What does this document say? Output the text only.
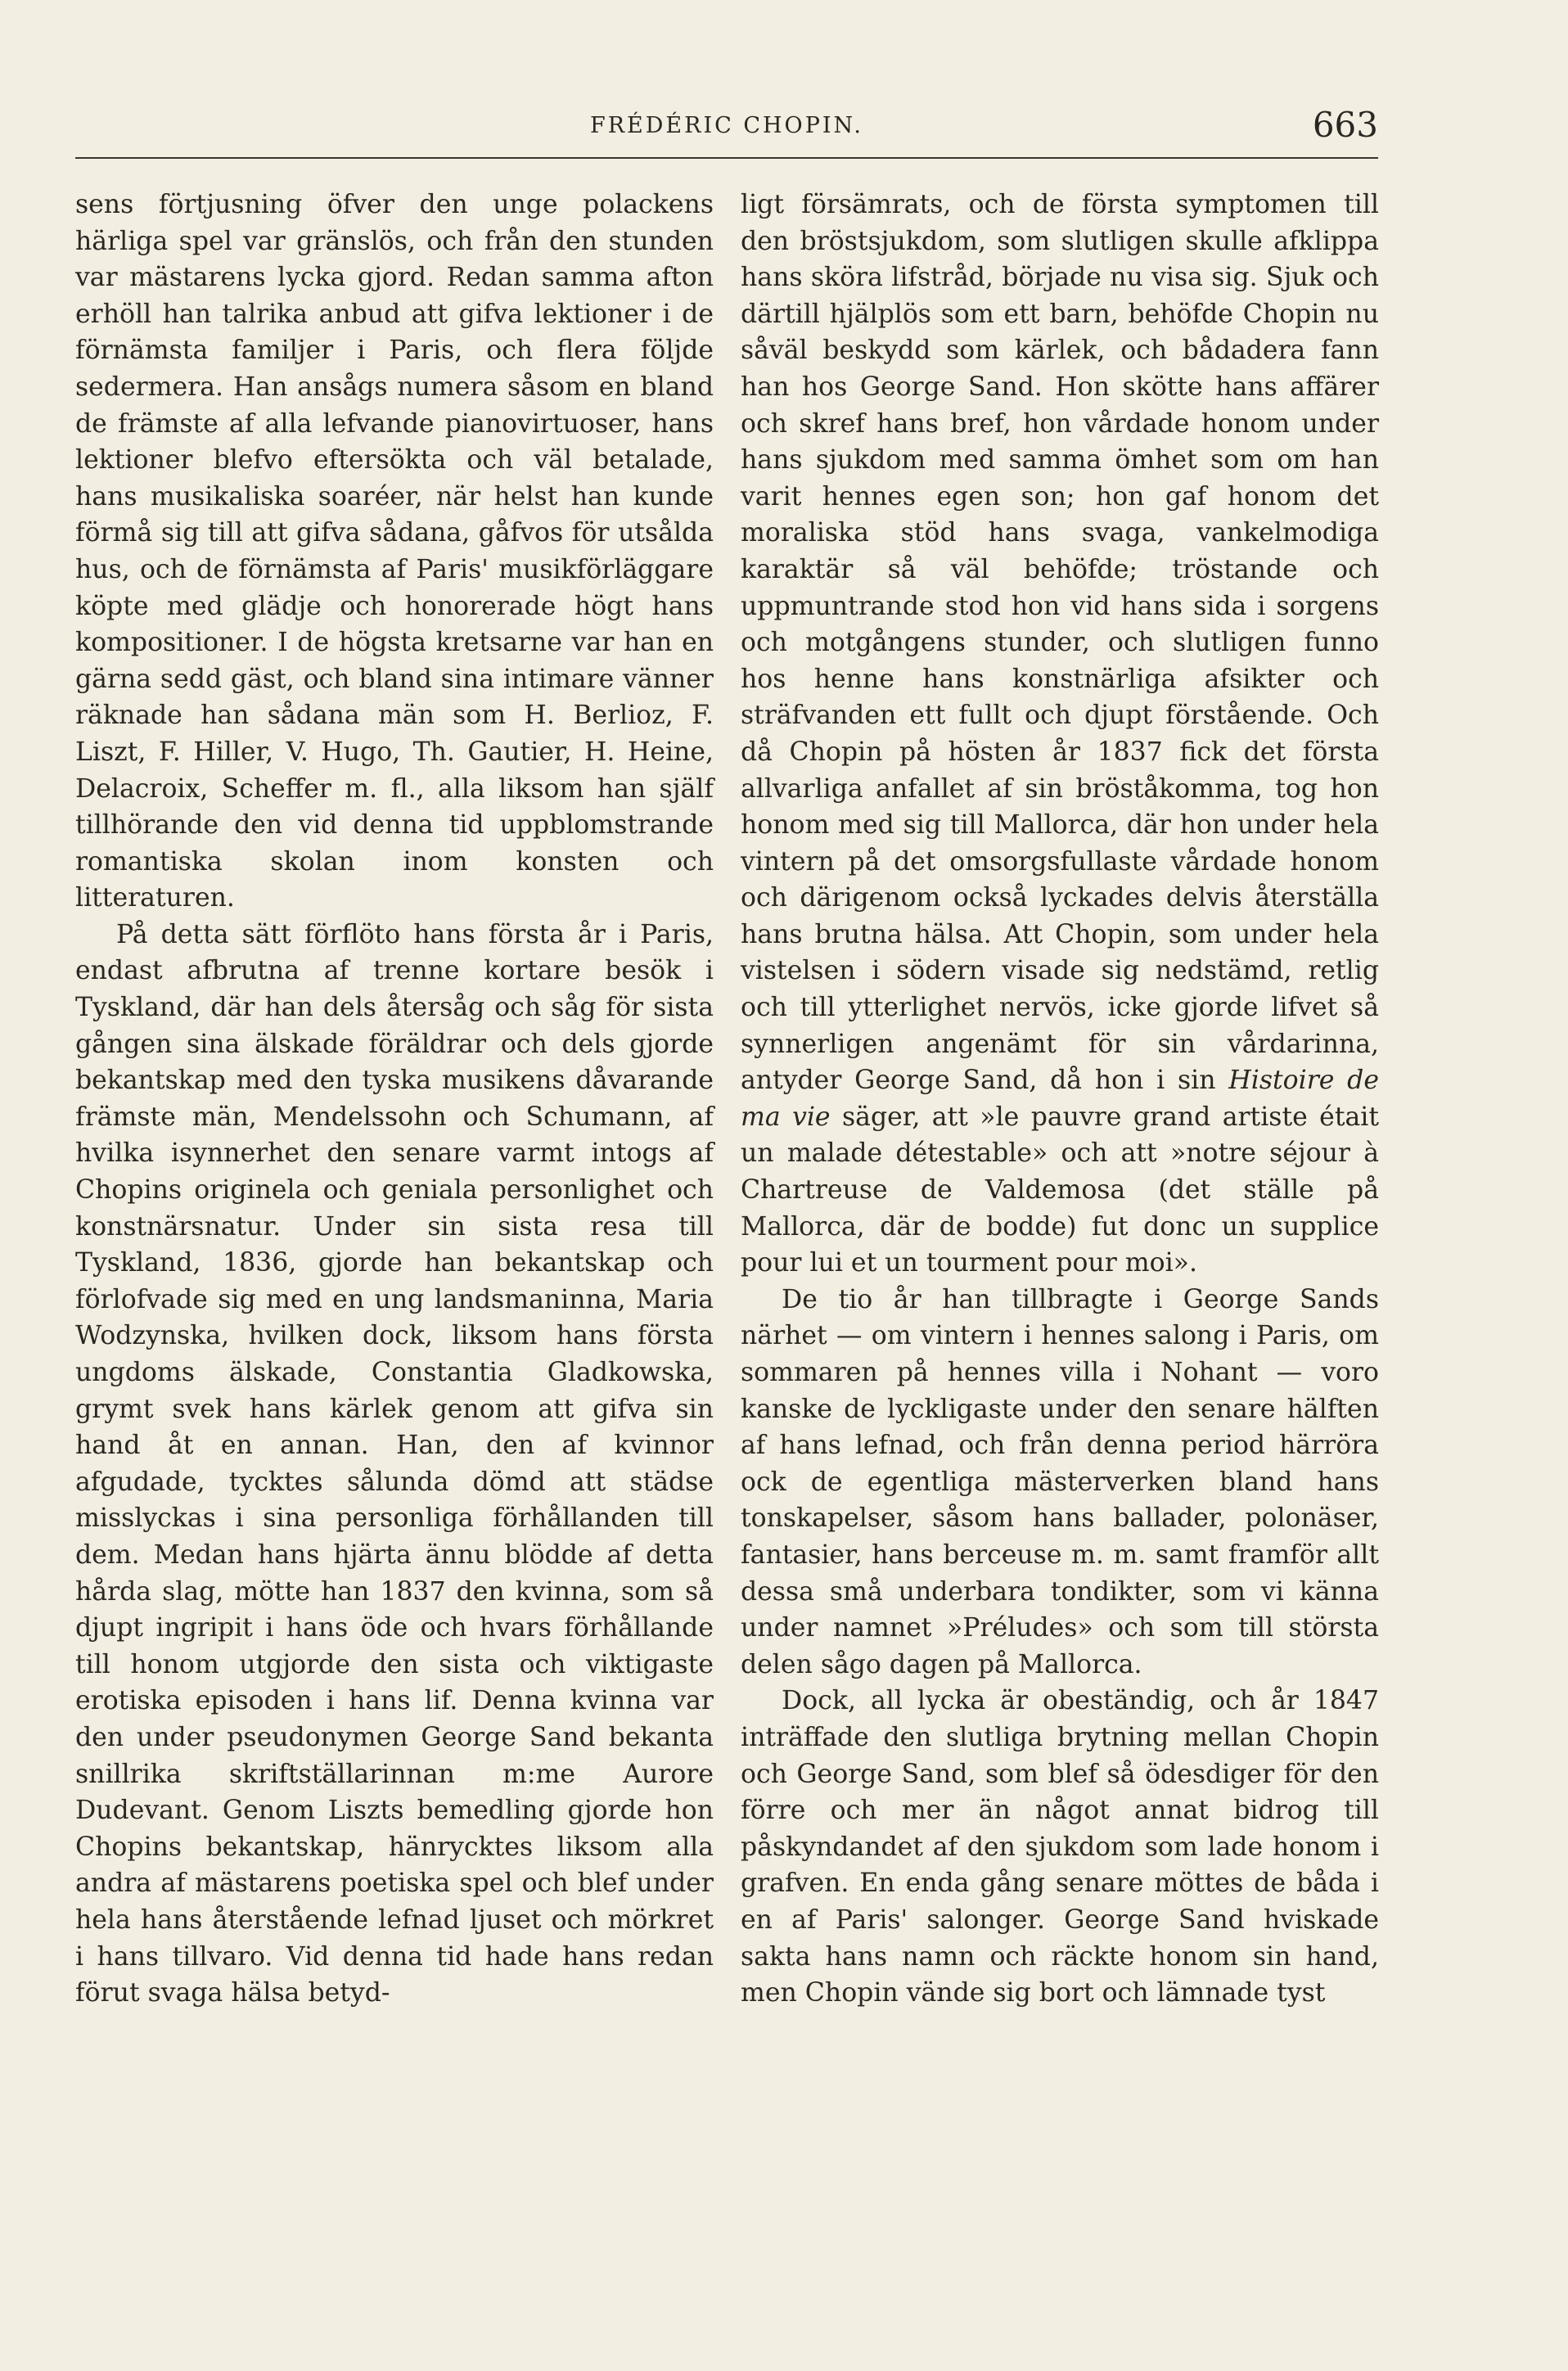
FRÉDÉRIC CHOPIN.	663

sens förtjusning öfver den unge polackens härliga spel var gränslös, och från den stunden var mästarens lycka gjord. Redan samma afton erhöll han talrika anbud att gifva lektioner i de förnämsta familjer i Paris, och flera följde sedermera. Han ansågs numera såsom en bland de främste af alla lefvande pianovirtuoser, hans lektioner blefvo eftersökta och väl betalade, hans musikaliska soaréer, när helst han kunde förmå sig till att gifva sådana, gåfvos för utsålda hus, och de förnämsta af Paris' musikförläggare köpte med glädje och honorerade högt hans kompositioner. I de högsta kretsarne var han en gärna sedd gäst, och bland sina intimare vänner räknade han sådana män som H. Berlioz, F. Liszt, F. Hiller, V. Hugo, Th. Gautier, H. Heine, Delacroix, Scheffer m. fl., alla liksom han själf tillhörande den vid denna tid uppblomstrande romantiska skolan inom konsten och litteraturen.

På detta sätt förflöto hans första år i Paris, endast afbrutna af trenne kortare besök i Tyskland, där han dels återsåg och såg för sista gången sina älskade föräldrar och dels gjorde bekantskap med den tyska musikens dåvarande främste män, Mendelssohn och Schumann, af hvilka isynnerhet den senare varmt intogs af Chopins originela och geniala personlighet och konstnärsnatur. Under sin sista resa till Tyskland, 1836, gjorde han bekantskap och förlofvade sig med en ung landsmaninna, Maria Wodzynska, hvilken dock, liksom hans första ungdoms älskade, Constantia Gladkowska, grymt svek hans kärlek genom att gifva sin hand åt en annan. Han, den af kvinnor afgudade, tycktes sålunda dömd att städse misslyckas i sina personliga förhållanden till dem. Medan hans hjärta ännu blödde af detta hårda slag, mötte han 1837 den kvinna, som så djupt ingripit i hans öde och hvars förhållande till honom utgjorde den sista och viktigaste erotiska episoden i hans lif. Denna kvinna var den under pseudonymen George Sand bekanta snillrika skriftställarinnan m:me Aurore Dudevant. Genom Liszts bemedling gjorde hon Chopins bekantskap, hänrycktes liksom alla andra af mästarens poetiska spel och blef under hela hans återstående lefnad ljuset och mörkret i hans tillvaro. Vid denna tid hade hans redan förut svaga hälsa betyd-

ligt försämrats, och de första symptomen till den bröstsjukdom, som slutligen skulle afklippa hans sköra lifstråd, började nu visa sig. Sjuk och därtill hjälplös som ett barn, behöfde Chopin nu såväl beskydd som kärlek, och bådadera fann han hos George Sand. Hon skötte hans affärer och skref hans bref, hon vårdade honom under hans sjukdom med samma ömhet som om han varit hennes egen son; hon gaf honom det moraliska stöd hans svaga, vankelmodiga karaktär så väl behöfde; tröstande och uppmuntrande stod hon vid hans sida i sorgens och motgångens stunder, och slutligen funno hos henne hans konstnärliga afsikter och sträfvanden ett fullt och djupt förstående. Och då Chopin på hösten år 1837 fick det första allvarliga anfallet af sin bröståkomma, tog hon honom med sig till Mallorca, där hon under hela vintern på det omsorgsfullaste vårdade honom och därigenom också lyckades delvis återställa hans brutna hälsa. Att Chopin, som under hela vistelsen i södern visade sig nedstämd, retlig och till ytterlighet nervös, icke gjorde lifvet så synnerligen angenämt för sin vårdarinna, antyder George Sand, då hon i sin Histoire de ma vie säger, att »le pauvre grand artiste était un malade détestable» och att »notre séjour à Chartreuse de Valdemosa (det ställe på Mallorca, där de bodde) fut donc un supplice pour lui et un tourment pour moi».

De tio år han tillbragte i George Sands närhet — om vintern i hennes salong i Paris, om sommaren på hennes villa i Nohant — voro kanske de lyckligaste under den senare hälften af hans lefnad, och från denna period härröra ock de egentliga mästerverken bland hans tonskapelser, såsom hans ballader, polonäser, fantasier, hans berceuse m. m. samt framför allt dessa små underbara tondikter, som vi känna under namnet »Préludes» och som till största delen sågo dagen på Mallorca.

Dock, all lycka är obeständig, och år 1847 inträffade den slutliga brytning mellan Chopin och George Sand, som blef så ödesdiger för den förre och mer än något annat bidrog till påskyndandet af den sjukdom som lade honom i grafven. En enda gång senare möttes de båda i en af Paris' salonger. George Sand hviskade sakta hans namn och räckte honom sin hand, men Chopin vände sig bort och lämnade tyst
